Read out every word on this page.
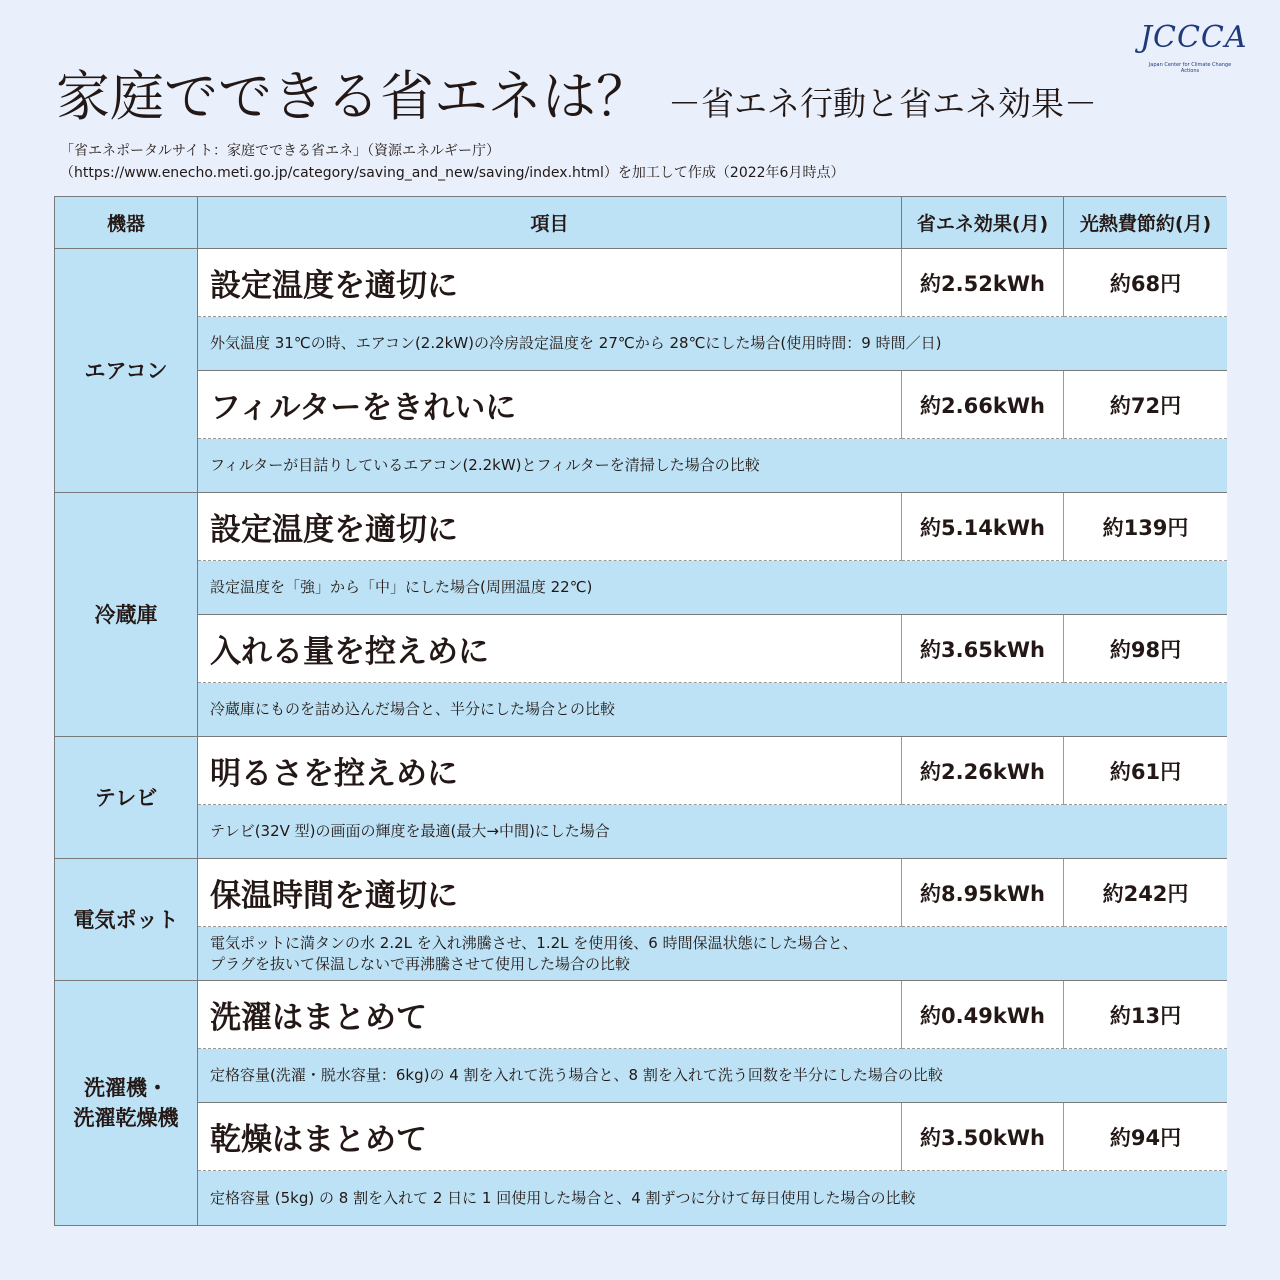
JCCCA
Japan Center for Climate Change Actions
家庭でできる省エネは？ －省エネ行動と省エネ効果－
「省エネポータルサイト：家庭でできる省エネ」（資源エネルギー庁）
（https://www.enecho.meti.go.jp/category/saving_and_new/saving/index.html）を加工して作成（2022年6月時点）
機器	項目	省エネ効果(月)	光熱費節約(月)
エアコン
設定温度を適切に	約2.52kWh	約68円
外気温度 31℃の時、エアコン(2.2kW)の冷房設定温度を 27℃から 28℃にした場合(使用時間：9 時間／日)
フィルターをきれいに	約2.66kWh	約72円
フィルターが目詰りしているエアコン(2.2kW)とフィルターを清掃した場合の比較
冷蔵庫
設定温度を適切に	約5.14kWh	約139円
設定温度を「強」から「中」にした場合(周囲温度 22℃)
入れる量を控えめに	約3.65kWh	約98円
冷蔵庫にものを詰め込んだ場合と、半分にした場合との比較
テレビ
明るさを控えめに	約2.26kWh	約61円
テレビ(32V 型)の画面の輝度を最適(最大→中間)にした場合
電気ポット
保温時間を適切に	約8.95kWh	約242円
電気ポットに満タンの水 2.2L を入れ沸騰させ、1.2L を使用後、6 時間保温状態にした場合と、
プラグを抜いて保温しないで再沸騰させて使用した場合の比較
洗濯機・
洗濯乾燥機
洗濯はまとめて	約0.49kWh	約13円
定格容量(洗濯・脱水容量：6kg)の 4 割を入れて洗う場合と、8 割を入れて洗う回数を半分にした場合の比較
乾燥はまとめて	約3.50kWh	約94円
定格容量 (5kg) の 8 割を入れて 2 日に 1 回使用した場合と、4 割ずつに分けて毎日使用した場合の比較
